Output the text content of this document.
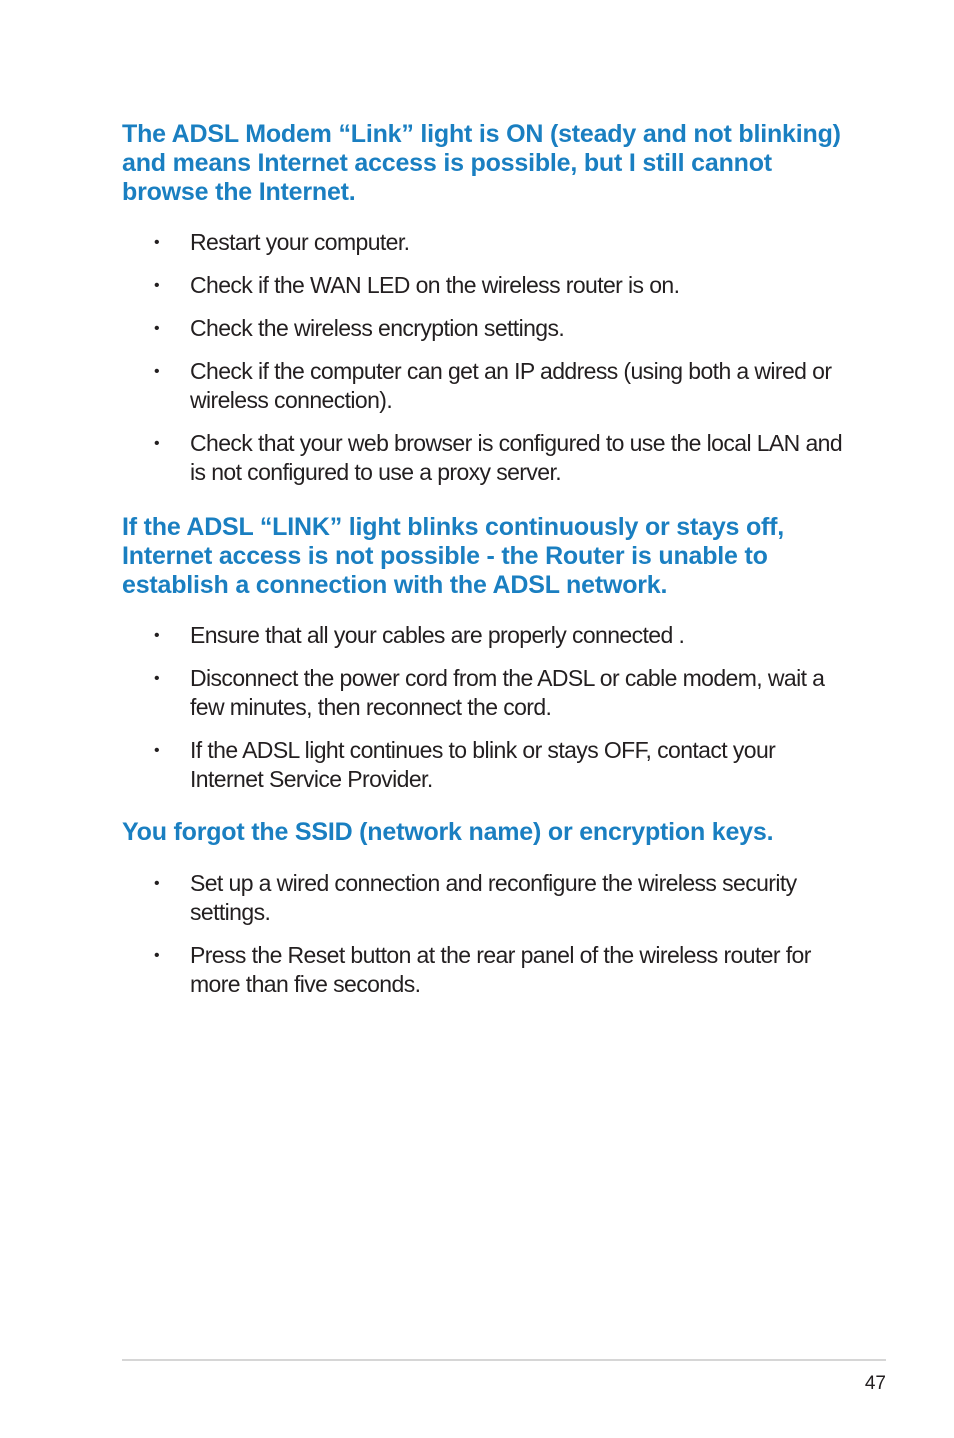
The ADSL Modem “Link” light is ON (steady and not blinking) and means Internet access is possible, but I still cannot browse the Internet.
• Restart your computer.
• Check if the WAN LED on the wireless router is on.
• Check the wireless encryption settings.
• Check if the computer can get an IP address (using both a wired or wireless connection).
• Check that your web browser is configured to use the local LAN and is not configured to use a proxy server.
If the ADSL “LINK” light blinks continuously or stays off, Internet access is not possible - the Router is unable to establish a connection with the ADSL network.
• Ensure that all your cables are properly connected .
• Disconnect the power cord from the ADSL or cable modem, wait a few minutes, then reconnect the cord.
• If the ADSL light continues to blink or stays OFF, contact your Internet Service Provider.
You forgot the SSID (network name) or encryption keys.
• Set up a wired connection and reconfigure the wireless security settings.
• Press the Reset button at the rear panel of the wireless router for more than five seconds.
47
